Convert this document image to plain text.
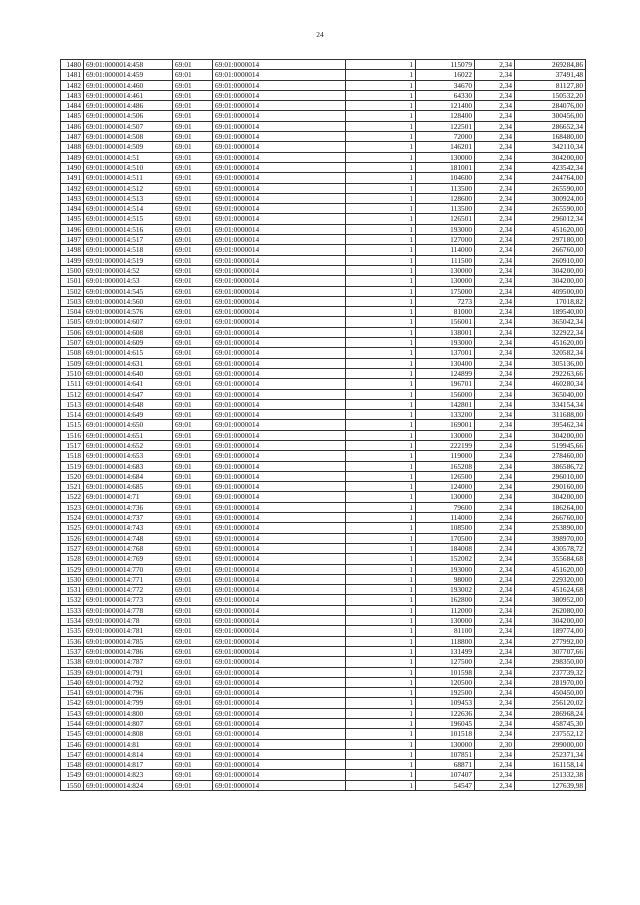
24
1480	69:01:0000014:458	69:01	69:01:0000014	1	115079	2,34	269284,86
1481	69:01:0000014:459	69:01	69:01:0000014	1	16022	2,34	37491,48
1482	69:01:0000014:460	69:01	69:01:0000014	1	34670	2,34	81127,80
1483	69:01:0000014:461	69:01	69:01:0000014	1	64330	2,34	150532,20
1484	69:01:0000014:486	69:01	69:01:0000014	1	121400	2,34	284076,00
1485	69:01:0000014:506	69:01	69:01:0000014	1	128400	2,34	300456,00
1486	69:01:0000014:507	69:01	69:01:0000014	1	122501	2,34	286652,34
1487	69:01:0000014:508	69:01	69:01:0000014	1	72000	2,34	168480,00
1488	69:01:0000014:509	69:01	69:01:0000014	1	146201	2,34	342110,34
1489	69:01:0000014:51	69:01	69:01:0000014	1	130000	2,34	304200,00
1490	69:01:0000014:510	69:01	69:01:0000014	1	181001	2,34	423542,34
1491	69:01:0000014:511	69:01	69:01:0000014	1	104600	2,34	244764,00
1492	69:01:0000014:512	69:01	69:01:0000014	1	113500	2,34	265590,00
1493	69:01:0000014:513	69:01	69:01:0000014	1	128600	2,34	300924,00
1494	69:01:0000014:514	69:01	69:01:0000014	1	113500	2,34	265590,00
1495	69:01:0000014:515	69:01	69:01:0000014	1	126501	2,34	296012,34
1496	69:01:0000014:516	69:01	69:01:0000014	1	193000	2,34	451620,00
1497	69:01:0000014:517	69:01	69:01:0000014	1	127000	2,34	297180,00
1498	69:01:0000014:518	69:01	69:01:0000014	1	114000	2,34	266760,00
1499	69:01:0000014:519	69:01	69:01:0000014	1	111500	2,34	260910,00
1500	69:01:0000014:52	69:01	69:01:0000014	1	130000	2,34	304200,00
1501	69:01:0000014:53	69:01	69:01:0000014	1	130000	2,34	304200,00
1502	69:01:0000014:545	69:01	69:01:0000014	1	175000	2,34	409500,00
1503	69:01:0000014:560	69:01	69:01:0000014	1	7273	2,34	17018,82
1504	69:01:0000014:576	69:01	69:01:0000014	1	81000	2,34	189540,00
1505	69:01:0000014:607	69:01	69:01:0000014	1	156001	2,34	365042,34
1506	69:01:0000014:608	69:01	69:01:0000014	1	138001	2,34	322922,34
1507	69:01:0000014:609	69:01	69:01:0000014	1	193000	2,34	451620,00
1508	69:01:0000014:615	69:01	69:01:0000014	1	137001	2,34	320582,34
1509	69:01:0000014:631	69:01	69:01:0000014	1	130400	2,34	305136,00
1510	69:01:0000014:640	69:01	69:01:0000014	1	124899	2,34	292263,66
1511	69:01:0000014:641	69:01	69:01:0000014	1	196701	2,34	460280,34
1512	69:01:0000014:647	69:01	69:01:0000014	1	156000	2,34	365040,00
1513	69:01:0000014:648	69:01	69:01:0000014	1	142801	2,34	334154,34
1514	69:01:0000014:649	69:01	69:01:0000014	1	133200	2,34	311688,00
1515	69:01:0000014:650	69:01	69:01:0000014	1	169001	2,34	395462,34
1516	69:01:0000014:651	69:01	69:01:0000014	1	130000	2,34	304200,00
1517	69:01:0000014:652	69:01	69:01:0000014	1	222199	2,34	519945,66
1518	69:01:0000014:653	69:01	69:01:0000014	1	119000	2,34	278460,00
1519	69:01:0000014:683	69:01	69:01:0000014	1	165208	2,34	386586,72
1520	69:01:0000014:684	69:01	69:01:0000014	1	126500	2,34	296010,00
1521	69:01:0000014:685	69:01	69:01:0000014	1	124000	2,34	290160,00
1522	69:01:0000014:71	69:01	69:01:0000014	1	130000	2,34	304200,00
1523	69:01:0000014:736	69:01	69:01:0000014	1	79600	2,34	186264,00
1524	69:01:0000014:737	69:01	69:01:0000014	1	114000	2,34	266760,00
1525	69:01:0000014:743	69:01	69:01:0000014	1	108500	2,34	253890,00
1526	69:01:0000014:748	69:01	69:01:0000014	1	170500	2,34	398970,00
1527	69:01:0000014:768	69:01	69:01:0000014	1	184008	2,34	430578,72
1528	69:01:0000014:769	69:01	69:01:0000014	1	152002	2,34	355684,68
1529	69:01:0000014:770	69:01	69:01:0000014	1	193000	2,34	451620,00
1530	69:01:0000014:771	69:01	69:01:0000014	1	98000	2,34	229320,00
1531	69:01:0000014:772	69:01	69:01:0000014	1	193002	2,34	451624,68
1532	69:01:0000014:773	69:01	69:01:0000014	1	162800	2,34	380952,00
1533	69:01:0000014:778	69:01	69:01:0000014	1	112000	2,34	262080,00
1534	69:01:0000014:78	69:01	69:01:0000014	1	130000	2,34	304200,00
1535	69:01:0000014:781	69:01	69:01:0000014	1	81100	2,34	189774,00
1536	69:01:0000014:785	69:01	69:01:0000014	1	118800	2,34	277992,00
1537	69:01:0000014:786	69:01	69:01:0000014	1	131499	2,34	307707,66
1538	69:01:0000014:787	69:01	69:01:0000014	1	127500	2,34	298350,00
1539	69:01:0000014:791	69:01	69:01:0000014	1	101598	2,34	237739,32
1540	69:01:0000014:792	69:01	69:01:0000014	1	120500	2,34	281970,00
1541	69:01:0000014:796	69:01	69:01:0000014	1	192500	2,34	450450,00
1542	69:01:0000014:799	69:01	69:01:0000014	1	109453	2,34	256120,02
1543	69:01:0000014:800	69:01	69:01:0000014	1	122636	2,34	286968,24
1544	69:01:0000014:807	69:01	69:01:0000014	1	196045	2,34	458745,30
1545	69:01:0000014:808	69:01	69:01:0000014	1	101518	2,34	237552,12
1546	69:01:0000014:81	69:01	69:01:0000014	1	130000	2,30	299000,00
1547	69:01:0000014:814	69:01	69:01:0000014	1	107851	2,34	252371,34
1548	69:01:0000014:817	69:01	69:01:0000014	1	68871	2,34	161158,14
1549	69:01:0000014:823	69:01	69:01:0000014	1	107407	2,34	251332,38
1550	69:01:0000014:824	69:01	69:01:0000014	1	54547	2,34	127639,98
